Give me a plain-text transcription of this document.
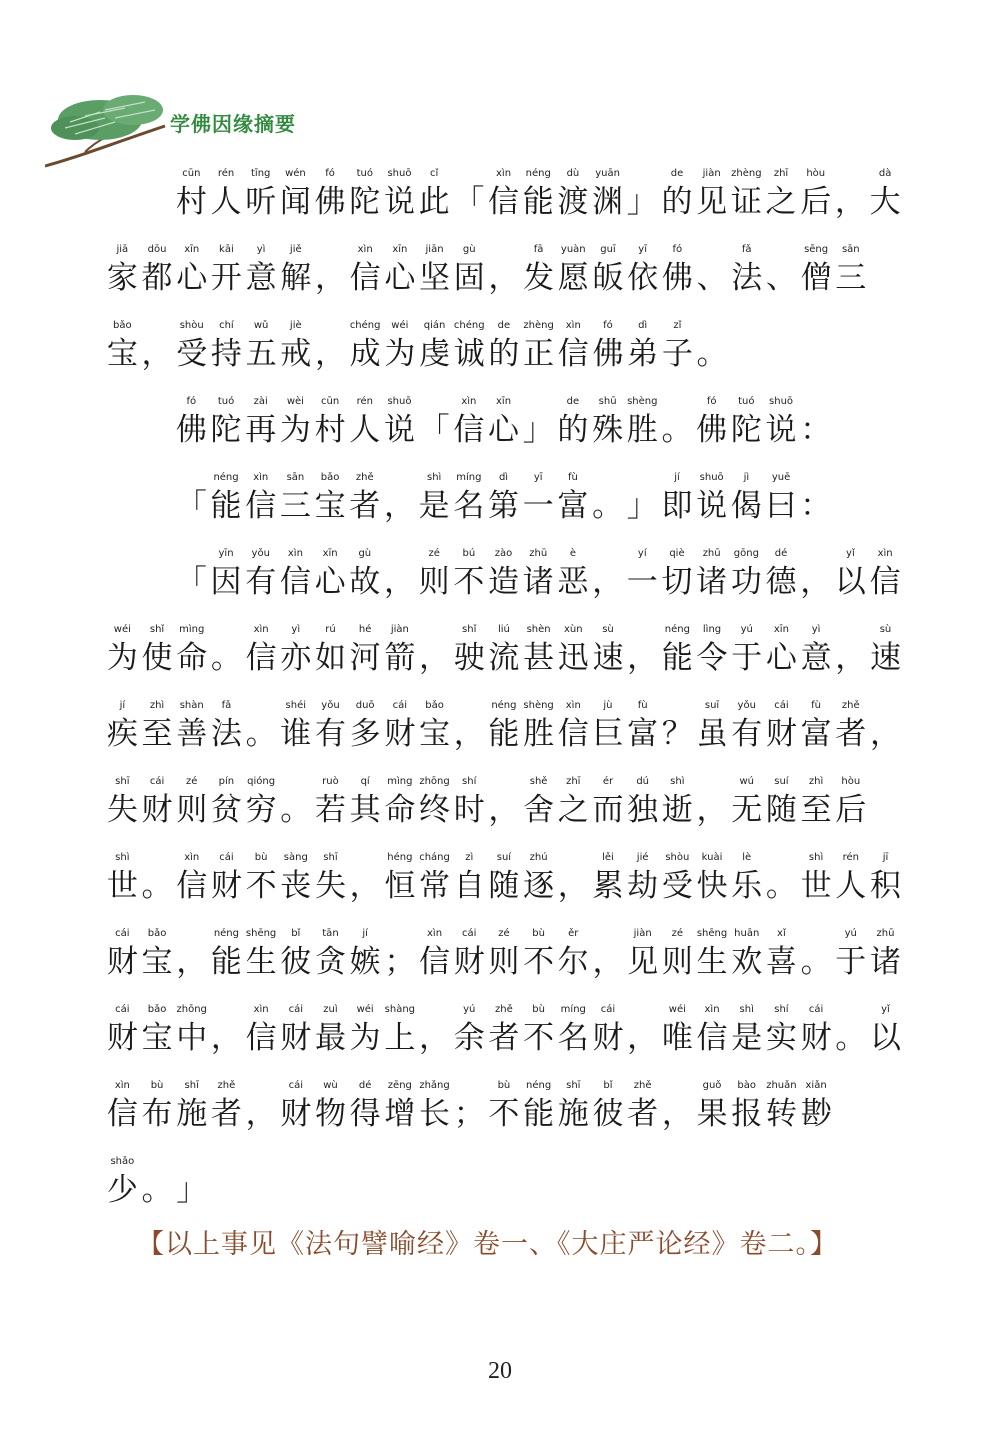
学佛因缘摘要
cūn
村
rén
人
tīng
听
wén
闻
fó
佛
tuó
陀
shuō
说
cǐ
此 「
xìn
信
néng
能
dù
渡
yuān
渊 」
de
的
jiàn
见
zhèng
证
zhī
之
hòu
后 ，
dà
大
jiā
家
dōu
都
xīn
心
kāi
开
yì
意
jiě
解 ，
xìn
信
xīn
心
jiān
坚
gù
固 ，
fā
发
yuàn
愿
guī
皈
yī
依
fó
佛 、
fǎ
法 、
sēng
僧
sān
三
bǎo
宝 ，
shòu
受
chí
持
wǔ
五
jiè
戒 ，
chéng
成
wéi
为
qián
虔
chéng
诚
de
的
zhèng
正
xìn
信
fó
佛
dì
弟
zǐ
子 。
fó
佛
tuó
陀
zài
再
wèi
为
cūn
村
rén
人
shuō
说 「
xìn
信
xīn
心 」
de
的
shū
殊
shèng
胜 。
fó
佛
tuó
陀
shuō
说 ：
「
néng
能
xìn
信
sān
三
bǎo
宝
zhě
者 ，
shì
是
míng
名
dì
第
yī
一
fù
富 。 」
jí
即
shuō
说
jì
偈
yuē
曰 ：
「
yīn
因
yǒu
有
xìn
信
xīn
心
gù
故 ，
zé
则
bú
不
zào
造
zhū
诸
è
恶 ，
yí
一
qiè
切
zhū
诸
gōng
功
dé
德 ，
yǐ
以
xìn
信
wéi
为
shǐ
使
mìng
命 。
xìn
信
yì
亦
rú
如
hé
河
jiàn
箭 ，
shǐ
驶
liú
流
shèn
甚
xùn
迅
sù
速 ，
néng
能
lìng
令
yú
于
xīn
心
yì
意 ，
sù
速
jí
疾
zhì
至
shàn
善
fǎ
法 。
shéi
谁
yǒu
有
duō
多
cái
财
bǎo
宝 ，
néng
能
shèng
胜
xìn
信
jù
巨
fù
富 ？
suī
虽
yǒu
有
cái
财
fù
富
zhě
者 ，
shī
失
cái
财
zé
则
pín
贫
qióng
穷 。
ruò
若
qí
其
mìng
命
zhōng
终
shí
时 ，
shě
舍
zhī
之
ér
而
dú
独
shì
逝 ，
wú
无
suí
随
zhì
至
hòu
后
shì
世 。
xìn
信
cái
财
bù
不
sàng
丧
shī
失 ，
héng
恒
cháng
常
zì
自
suí
随
zhú
逐 ，
lěi
累
jié
劫
shòu
受
kuài
快
lè
乐 。
shì
世
rén
人
jī
积
cái
财
bǎo
宝 ，
néng
能
shēng
生
bǐ
彼
tān
贪
jí
嫉 ；
xìn
信
cái
财
zé
则
bù
不
ěr
尔 ，
jiàn
见
zé
则
shēng
生
huān
欢
xǐ
喜 。
yú
于
zhū
诸
cái
财
bǎo
宝
zhōng
中 ，
xìn
信
cái
财
zuì
最
wéi
为
shàng
上 ，
yú
余
zhě
者
bù
不
míng
名
cái
财 ，
wéi
唯
xìn
信
shì
是
shí
实
cái
财 。
yǐ
以
xìn
信
bù
布
shī
施
zhě
者 ，
cái
财
wù
物
dé
得
zēng
增
zhǎng
长 ；
bù
不
néng
能
shī
施
bǐ
彼
zhě
者 ，
guǒ
果
bào
报
zhuǎn
转
xiǎn
尠
shǎo
少 。 」
【以上事见《法句譬喻经》卷一、《大庄严论经》卷二。】
20
